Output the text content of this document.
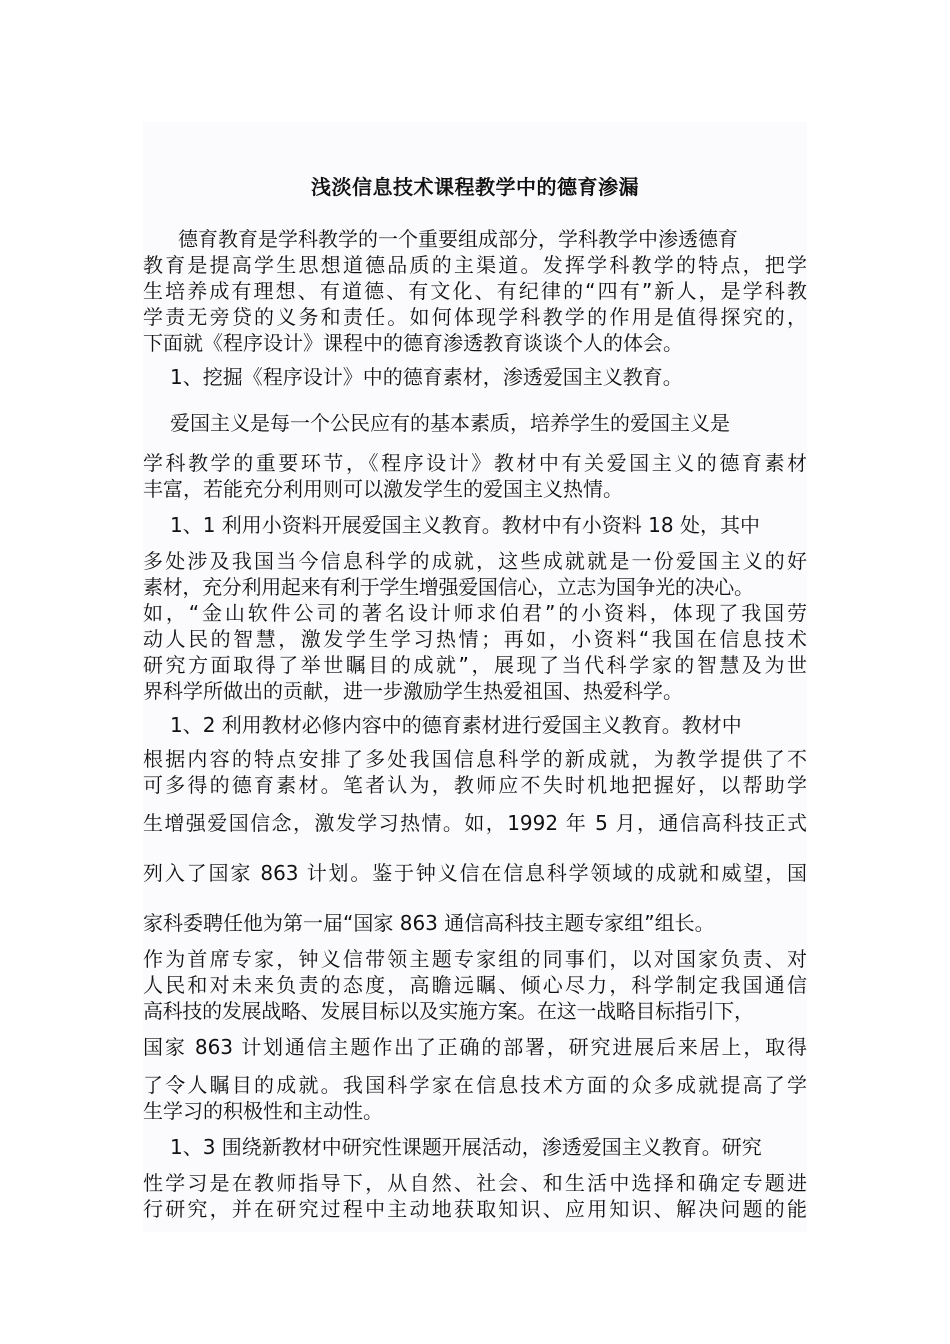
浅淡信息技术课程教学中的德育渗漏

德育教育是学科教学的一个重要组成部分，学科教学中渗透德育

教育是提高学生思想道德品质的主渠道。发挥学科教学的特点，把学

生培养成有理想、有道德、有文化、有纪律的“四有”新人，是学科教

学责无旁贷的义务和责任。如何体现学科教学的作用是值得探究的，

下面就《程序设计》课程中的德育渗透教育谈谈个人的体会。

1、挖掘《程序设计》中的德育素材，渗透爱国主义教育。

爱国主义是每一个公民应有的基本素质，培养学生的爱国主义是

学科教学的重要环节，《程序设计》教材中有关爱国主义的德育素材

丰富，若能充分利用则可以激发学生的爱国主义热情。

1、1 利用小资料开展爱国主义教育。教材中有小资料 18 处，其中

多处涉及我国当今信息科学的成就，这些成就就是一份爱国主义的好

素材，充分利用起来有利于学生增强爱国信心，立志为国争光的决心。

如，“金山软件公司的著名设计师求伯君”的小资料，体现了我国劳

动人民的智慧，激发学生学习热情；再如，小资料“我国在信息技术

研究方面取得了举世瞩目的成就”，展现了当代科学家的智慧及为世

界科学所做出的贡献，进一步激励学生热爱祖国、热爱科学。

1、2 利用教材必修内容中的德育素材进行爱国主义教育。教材中

根据内容的特点安排了多处我国信息科学的新成就，为教学提供了不

可多得的德育素材。笔者认为，教师应不失时机地把握好，以帮助学

生增强爱国信念，激发学习热情。如，1992 年 5 月，通信高科技正式

列入了国家 863 计划。鉴于钟义信在信息科学领域的成就和威望，国

家科委聘任他为第一届“国家 863 通信高科技主题专家组”组长。

作为首席专家，钟义信带领主题专家组的同事们，以对国家负责、对

人民和对未来负责的态度，高瞻远瞩、倾心尽力，科学制定我国通信

高科技的发展战略、发展目标以及实施方案。在这一战略目标指引下，

国家 863 计划通信主题作出了正确的部署，研究进展后来居上，取得

了令人瞩目的成就。我国科学家在信息技术方面的众多成就提高了学

生学习的积极性和主动性。

1、3 围绕新教材中研究性课题开展活动，渗透爱国主义教育。研究

性学习是在教师指导下，从自然、社会、和生活中选择和确定专题进

行研究，并在研究过程中主动地获取知识、应用知识、解决问题的能
